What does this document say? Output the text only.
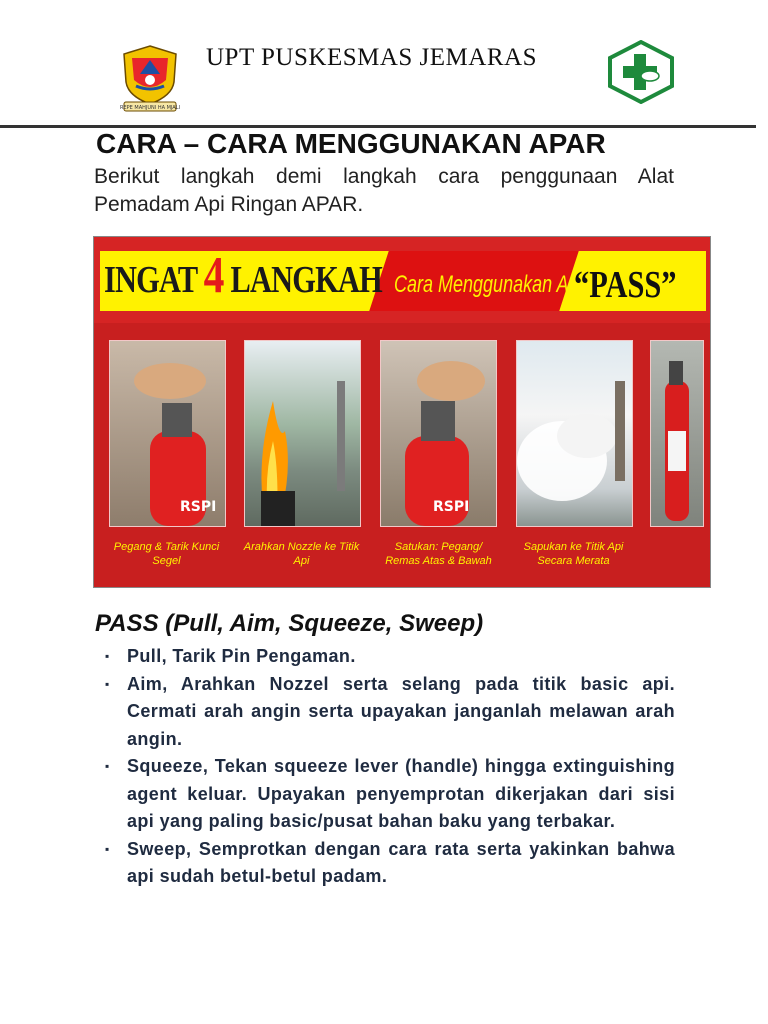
REPE MAHJUNI HA MJALI
UPT PUSKESMAS JEMARAS
CARA – CARA MENGGUNAKAN APAR
Berikut langkah demi langkah cara penggunaan Alat Pemadam Api Ringan APAR.
INGAT 4 LANGKAH Cara Menggunakan Apar
“PASS”
RSPI	RSPI
Pegang & Tarik Kunci Segel
Arahkan Nozzle ke Titik Api
Satukan: Pegang/ Remas Atas & Bawah
Sapukan ke Titik Api Secara Merata
PASS (Pull, Aim, Squeeze, Sweep)
▪ Pull, Tarik Pin Pengaman.
▪ Aim, Arahkan Nozzel serta selang pada titik basic api. Cermati arah angin serta upayakan janganlah melawan arah angin.
▪ Squeeze, Tekan squeeze lever (handle) hingga extinguishing agent keluar. Upayakan penyemprotan dikerjakan dari sisi api yang paling basic/pusat bahan baku yang terbakar.
▪ Sweep, Semprotkan dengan cara rata serta yakinkan bahwa api sudah betul-betul padam.
